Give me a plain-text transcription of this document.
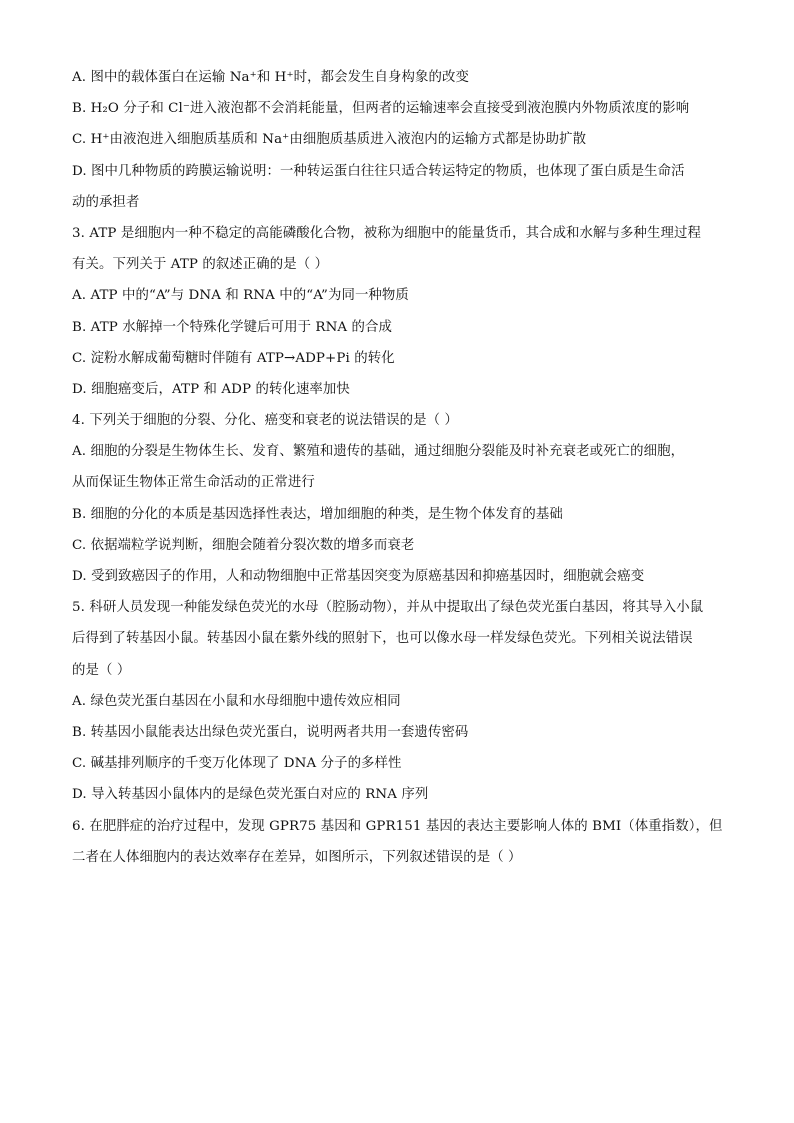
A. 图中的载体蛋白在运输 Na⁺和 H⁺时，都会发生自身构象的改变
B. H₂O 分子和 Cl⁻进入液泡都不会消耗能量，但两者的运输速率会直接受到液泡膜内外物质浓度的影响
C. H⁺由液泡进入细胞质基质和 Na⁺由细胞质基质进入液泡内的运输方式都是协助扩散
D. 图中几种物质的跨膜运输说明：一种转运蛋白往往只适合转运特定的物质，也体现了蛋白质是生命活
动的承担者
3. ATP 是细胞内一种不稳定的高能磷酸化合物，被称为细胞中的能量货币，其合成和水解与多种生理过程
有关。下列关于 ATP 的叙述正确的是（ ）
A. ATP 中的“A”与 DNA 和 RNA 中的“A”为同一种物质
B. ATP 水解掉一个特殊化学键后可用于 RNA 的合成
C. 淀粉水解成葡萄糖时伴随有 ATP→ADP+Pi 的转化
D. 细胞癌变后，ATP 和 ADP 的转化速率加快
4. 下列关于细胞的分裂、分化、癌变和衰老的说法错误的是（ ）
A. 细胞的分裂是生物体生长、发育、繁殖和遗传的基础，通过细胞分裂能及时补充衰老或死亡的细胞，
从而保证生物体正常生命活动的正常进行
B. 细胞的分化的本质是基因选择性表达，增加细胞的种类，是生物个体发育的基础
C. 依据端粒学说判断，细胞会随着分裂次数的增多而衰老
D. 受到致癌因子的作用，人和动物细胞中正常基因突变为原癌基因和抑癌基因时，细胞就会癌变
5. 科研人员发现一种能发绿色荧光的水母（腔肠动物），并从中提取出了绿色荧光蛋白基因，将其导入小鼠
后得到了转基因小鼠。转基因小鼠在紫外线的照射下，也可以像水母一样发绿色荧光。下列相关说法错误
的是（ ）
A. 绿色荧光蛋白基因在小鼠和水母细胞中遗传效应相同
B. 转基因小鼠能表达出绿色荧光蛋白，说明两者共用一套遗传密码
C. 碱基排列顺序的千变万化体现了 DNA 分子的多样性
D. 导入转基因小鼠体内的是绿色荧光蛋白对应的 RNA 序列
6. 在肥胖症的治疗过程中，发现 GPR75 基因和 GPR151 基因的表达主要影响人体的 BMI（体重指数），但
二者在人体细胞内的表达效率存在差异，如图所示，下列叙述错误的是（ ）
